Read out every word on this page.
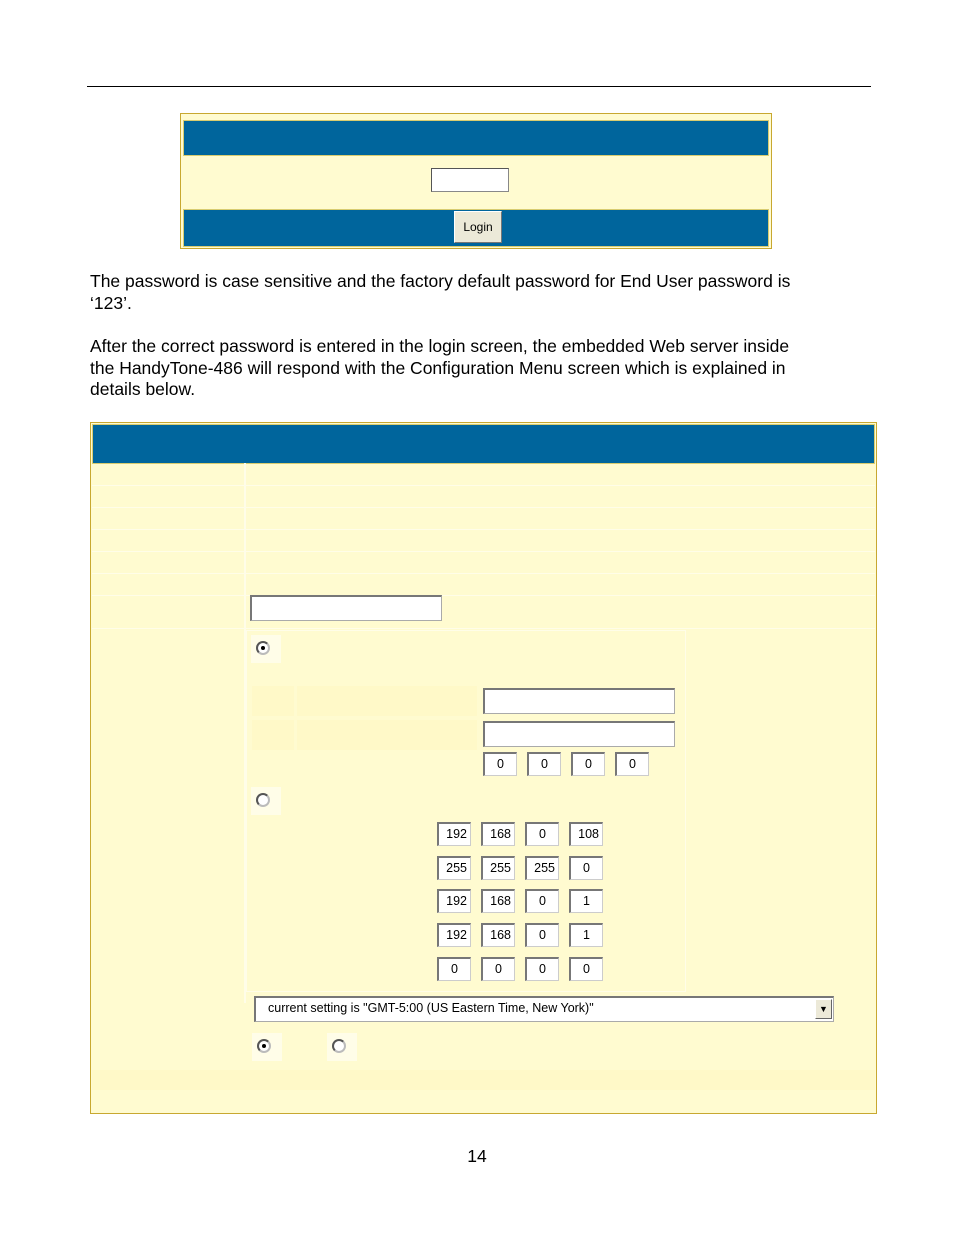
Login
The password is case sensitive and the factory default password for End User password is
‘123’.
After the correct password is entered in the login screen, the embedded Web server inside
the HandyTone-486 will respond with the Configuration Menu screen which is explained in
details below.
0	0	0	0
192	168	0	108
255	255	255	0
192	168	0	1
192	168	0	1
0	0	0	0
current setting is "GMT-5:00 (US Eastern Time, New York)"	▼
14
